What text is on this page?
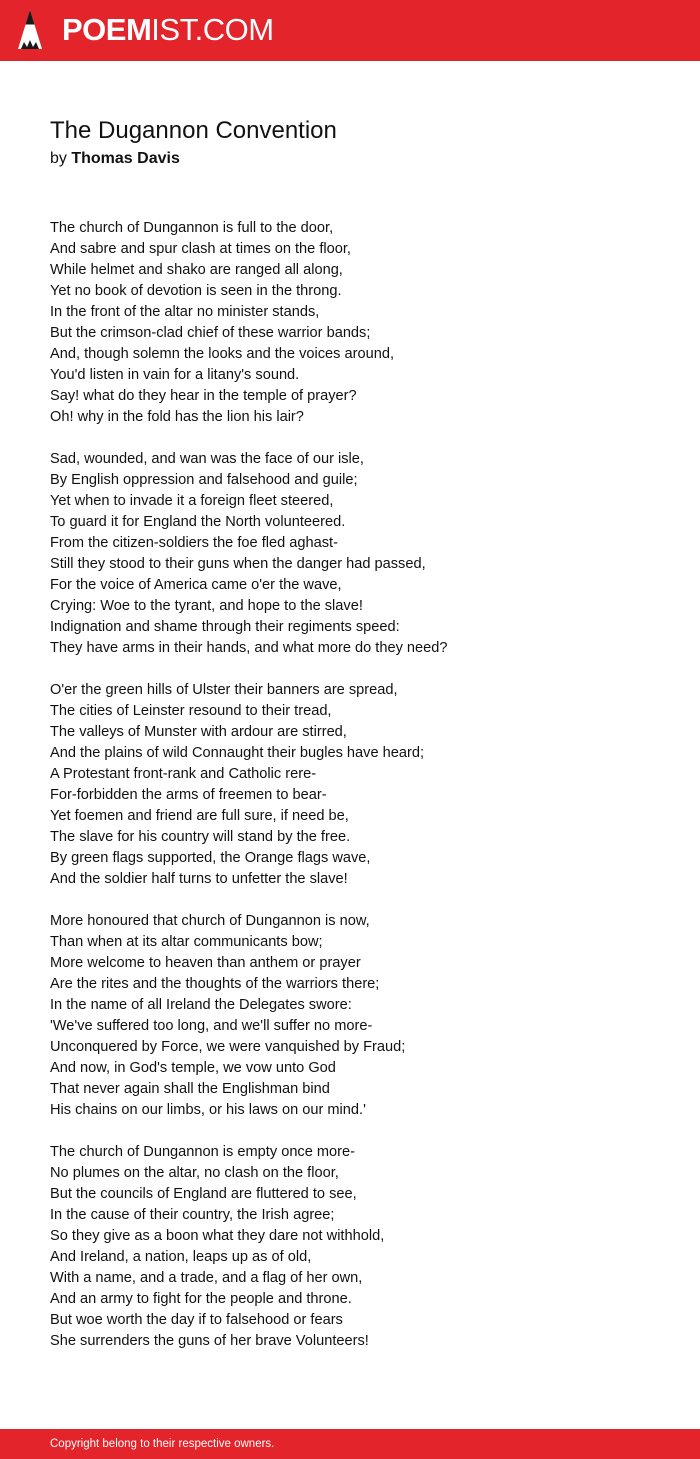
POEMIST.COM
The Dugannon Convention
by Thomas Davis
The church of Dungannon is full to the door,
And sabre and spur clash at times on the floor,
While helmet and shako are ranged all along,
Yet no book of devotion is seen in the throng.
In the front of the altar no minister stands,
But the crimson-clad chief of these warrior bands;
And, though solemn the looks and the voices around,
You'd listen in vain for a litany's sound.
Say! what do they hear in the temple of prayer?
Oh! why in the fold has the lion his lair?
Sad, wounded, and wan was the face of our isle,
By English oppression and falsehood and guile;
Yet when to invade it a foreign fleet steered,
To guard it for England the North volunteered.
From the citizen-soldiers the foe fled aghast-
Still they stood to their guns when the danger had passed,
For the voice of America came o'er the wave,
Crying: Woe to the tyrant, and hope to the slave!
Indignation and shame through their regiments speed:
They have arms in their hands, and what more do they need?
O'er the green hills of Ulster their banners are spread,
The cities of Leinster resound to their tread,
The valleys of Munster with ardour are stirred,
And the plains of wild Connaught their bugles have heard;
A Protestant front-rank and Catholic rere-
For-forbidden the arms of freemen to bear-
Yet foemen and friend are full sure, if need be,
The slave for his country will stand by the free.
By green flags supported, the Orange flags wave,
And the soldier half turns to unfetter the slave!
More honoured that church of Dungannon is now,
Than when at its altar communicants bow;
More welcome to heaven than anthem or prayer
Are the rites and the thoughts of the warriors there;
In the name of all Ireland the Delegates swore:
'We've suffered too long, and we'll suffer no more-
Unconquered by Force, we were vanquished by Fraud;
And now, in God's temple, we vow unto God
That never again shall the Englishman bind
His chains on our limbs, or his laws on our mind.'
The church of Dungannon is empty once more-
No plumes on the altar, no clash on the floor,
But the councils of England are fluttered to see,
In the cause of their country, the Irish agree;
So they give as a boon what they dare not withhold,
And Ireland, a nation, leaps up as of old,
With a name, and a trade, and a flag of her own,
And an army to fight for the people and throne.
But woe worth the day if to falsehood or fears
She surrenders the guns of her brave Volunteers!
Copyright belong to their respective owners.
